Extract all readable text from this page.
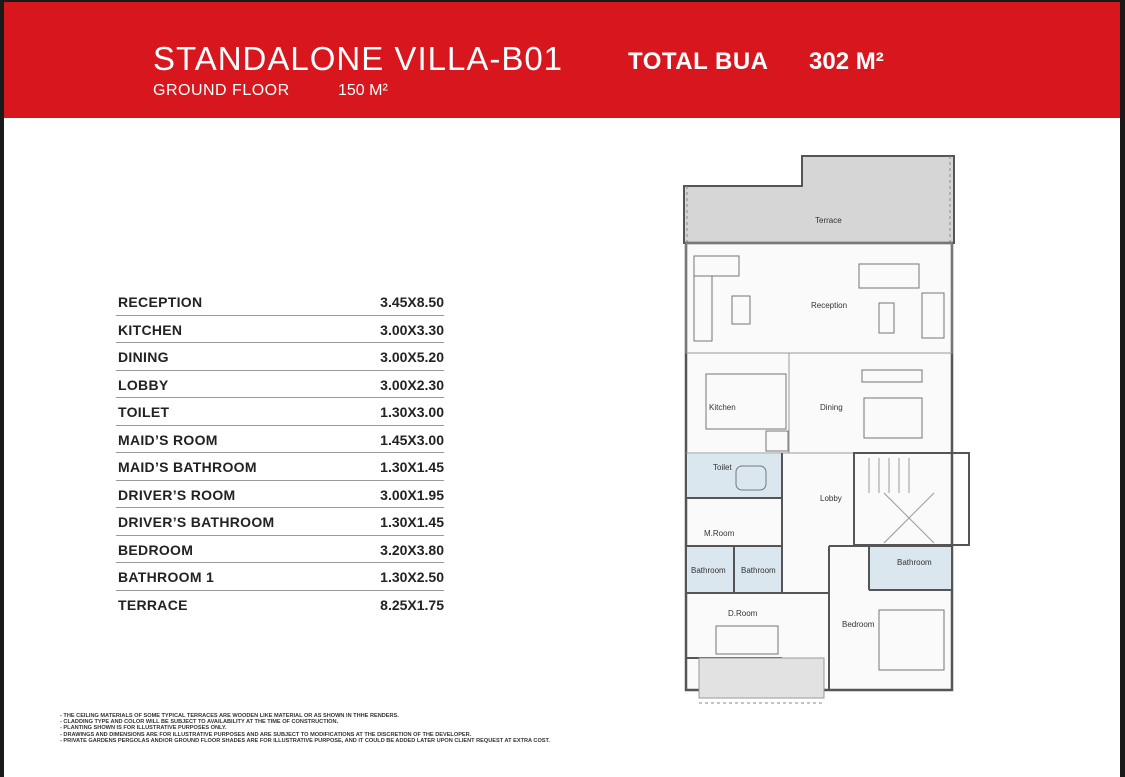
STANDALONE VILLA-B01	TOTAL BUA 302 M²
GROUND FLOOR	150 M²
RECEPTION	3.45X8.50
KITCHEN	3.00X3.30
DINING	3.00X5.20
LOBBY	3.00X2.30
TOILET	1.30X3.00
MAID’S ROOM	1.45X3.00
MAID’S BATHROOM	1.30X1.45
DRIVER’S ROOM	3.00X1.95
DRIVER’S BATHROOM	1.30X1.45
BEDROOM	3.20X3.80
BATHROOM 1	1.30X2.50
TERRACE	8.25X1.75
Terrace
Reception
Kitchen	Dining
Toilet
Lobby
M.Room
Bathroom Bathroom
Bathroom
D.Room
Bedroom
- THE CEILING MATERIALS OF SOME TYPICAL TERRACES ARE WOODEN LIKE MATERIAL OR AS SHOWN IN THHE RENDERS.
- CLADDING TYPE AND COLOR WILL BE SUBJECT TO AVAILABILITY AT THE TIME OF CONSTRUCTION.
- PLANTING SHOWN IS FOR ILLUSTRATIVE PURPOSES ONLY.
- DRAWINGS AND DIMENSIONS ARE FOR ILLUSTRATIVE PURPOSES AND ARE SUBJECT TO MODIFICATIONS AT THE DISCRETION OF THE DEVELOPER.
- PRIVATE GARDENS PERGOLAS AND/OR GROUND FLOOR SHADES ARE FOR ILLUSTRATIVE PURPOSE, AND IT COULD BE ADDED LATER UPON CLIENT REQUEST AT EXTRA COST.
